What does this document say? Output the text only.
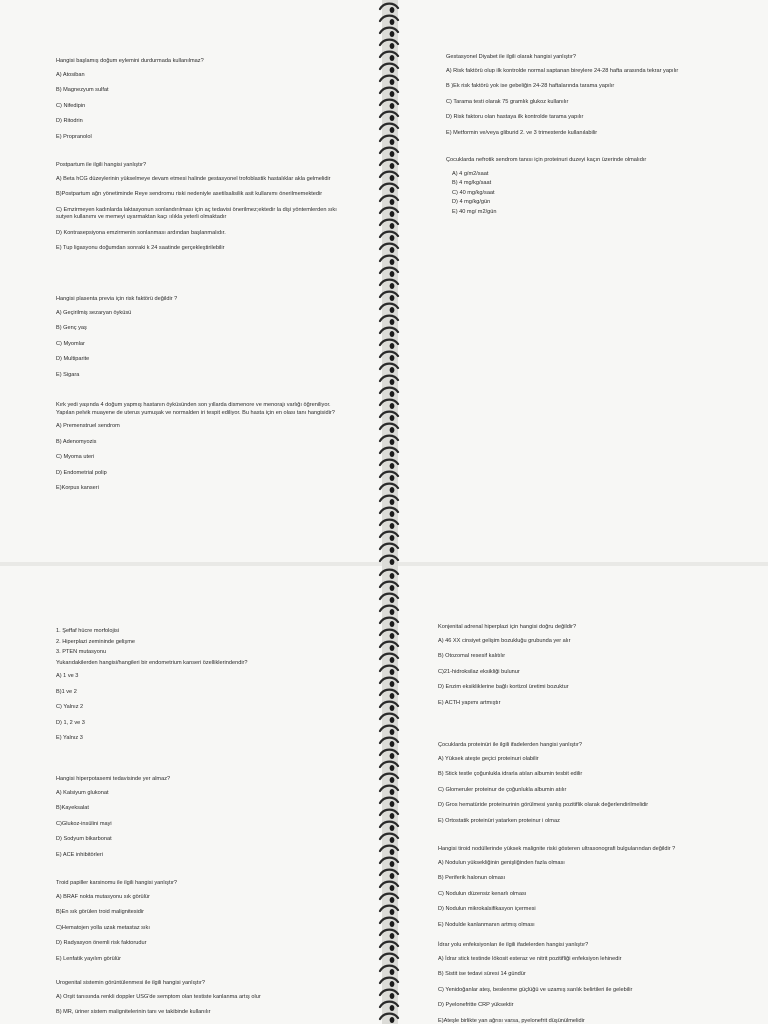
Hangisi başlamış doğum eylemini durdurmada kullanılmaz?

A) Atosiban

B) Magnezyum sulfat

C) Nifedipin

D) Ritodrin

E) Propranolol

Postpartum ile ilgili hangisi yanlıştır?

A) Beta hCG düzeylerinin yükselmeye devam etmesi halinde gestasyonel trofoblastik hastalıklar akla gelmelidir

B)Postpartum ağrı yönetiminde Reye sendromu riski nedeniyle asetilsalisilik asit kullanımı önerilmemektedir

C) Emzirmeyen kadınlarda laktasyonun sonlandırılması için aç tedavisi önerilmez;ektedir la dişi yöntemlerden sıkı sutyen kullanımı ve memeyi uyarmaktan kaçı ıılıkla yeterli olmaktadır

D) Kontrasepsiyona emzirmenin sonlanması ardından başlanmalıdır.

E) Tup ligasyonu doğumdan sonraki k 24 saatinde gerçekleştirilebilir

Hangisi plasenta previa için risk faktörü değildir ?

A) Geçirilmiş sezaryan öyküsü

B) Genç yaş

C) Myomlar

D) Multiparite

E) Sigara

Kırk yedi yaşında 4 doğum yapmış hastanın öyküsünden son yıllarda dismenore ve menorajı varlığı öğreniliyor. Yapılan pelvik muayene de uterus yumuşak ve normalden iri tespit ediliyor. Bu hasta için en olası tanı hangisidir?

A) Premenstruel sendrom

B) Adenomyozis

C) Myoma uteri

D) Endometrial polip

E)Korpus kanseri

Gestasyonel Diyabet ile ilgili olarak hangisi yanlıştır?

A) Risk faktörü olup ilk kontrolde normal saptanan bireylere 24-28 hafta arasında tekrar yapılır

B )Ek risk faktörü yok ise gebeliğin 24-28 haftalarında tarama yapılır

C) Tarama testi olarak 75 gramlık glukoz kullanılır

D) Risk faktoru olan hastaya ilk kontrolde tarama yapılır

E) Metformin ve/veya gliburid 2. ve 3 trimesterde kullanılabilir

Çocuklarda nefrotik sendrom tanısı için proteinuri duzeyi kaçın üzerinde olmalıdır

A) 4 g/m2/saat

B) 4 mg/kg/saat

C) 40 mg/kg/saat

D) 4 mg/kg/gün

E) 40 mg/ m2/gün

1. Şeffaf hücre morfolojisi

2. Hiperplazi zemininde gelişme

3. PTEN mutasyonu

Yukarıdakilerden hangisi/hangileri bir endometrium kanseri özelliklerindendir?

A) 1 ve 3

B)1 ve 2

C) Yalnız 2

D) 1, 2 ve 3

E) Yalnız 3

Hangisi hiperpotasemi tedavisinde yer almaz?

A) Kalsiyum glukonat

B)Kayeksalat

C)Glukoz-insülini mayi

D) Sodyum bikarbonat

E) ACE inhibitörleri

Troid papiller karsinomu ile ilgili hangisi yanlıştır?

A) BRAF nokta mutasyonu sık görülür

B)En sık görülen troid malignitesidir

C)Hematojen yolla uzak metastaz sıkı

D) Radyasyon önemli risk faktorudur

E) Lenfatik yayılım görülür

Urogenital sistemin görüntülenmesi ile ilgili hangisi yanlıştır?

A) Orşit tanısında renkli doppler USG'de semptom olan testiste kanlanma artış olur

B) MR, üriner sistem malignitelerinin tanı ve takibinde kullanılır

Konjenital adrenal hiperplazi için hangisi doğru değildir?

A) 46 XX cinsiyet gelişim bozukluğu grubunda yer alır

B) Otozomal resesif kalıtılır

C)21-hidroksilaz eksikliği bulunur

D) Enzim eksikliklerine bağlı kortizol üretimi bozuktur

E) ACTH yapımı artmıştır

Çocuklarda proteinüri ile ilgili ifadelerden hangisi yanlıştır?

A) Yüksek ateşte geçici proteinuri olabilir

B) Stick testle çoğunlukla idrarla atılan albumin tesbit edilir

C) Glomeruler proteinur de çoğunlukla albumin atılır

D) Gros hematüride proteinurinin görülmesi yanlış pozitiflik olarak değerlendirilmelidir

E) Ortostatik proteinüri yatarken proteinur i olmaz

Hangisi tiroid nodüllerinde yüksek malignite riski gösteren ultrasonografi bulgularından değildir ?

A) Nodulun yüksekliğinin genişliğinden fazla olması

B) Periferik halonun olması

C) Nodulun düzensiz kenarlı olması

D) Nodulun mikrokalsifikasyon içermesi

E) Nodulde kanlanmanın artmış olması

İdrar yolu enfeksiyonları ile ilgili ifadelerden hangisi yanlıştır?

A) İdrar stick testinde lökosit esteraz ve nitrit pozitifliği enfeksiyon lehinedir

B) Sistit ise tedavi süresi 14 gündür

C) Yenidoğanlar ateş, beslenme güçlüğü ve uzamış sarılık belirtileri ile gelebilir

D) Pyelonefritte CRP yüksektir

E)Ateşle birlikte yan ağrısı varsa, pyelonefrit düşünülmelidir
